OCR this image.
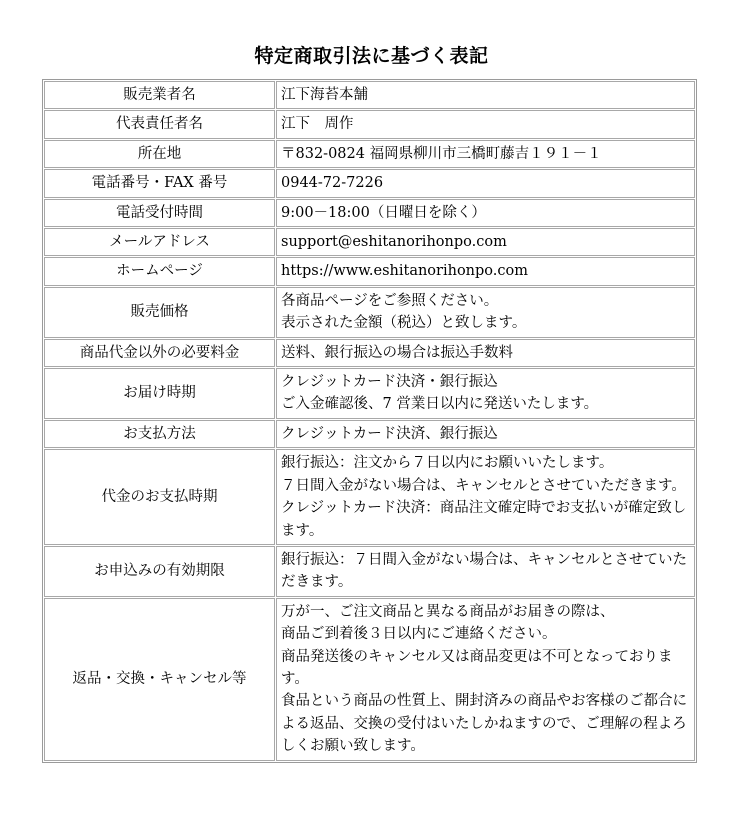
特定商取引法に基づく表記
販売業者名	江下海苔本舗

代表責任者名	江下　周作

所在地	〒832-0824 福岡県柳川市三橋町藤吉１９１－１

電話番号・FAX 番号	0944-72-7226

電話受付時間	9:00－18:00（日曜日を除く）

メールアドレス	support@eshitanorihonpo.com

ホームページ	https://www.eshitanorihonpo.com

販売価格	各商品ページをご参照ください。
表示された金額（税込）と致します。

商品代金以外の必要料金	送料、銀行振込の場合は振込手数料

お届け時期	クレジットカード決済・銀行振込
ご入金確認後、7 営業日以内に発送いたします。

お支払方法	クレジットカード決済、銀行振込

代金のお支払時期	銀行振込：注文から７日以内にお願いいたします。
７日間入金がない場合は、キャンセルとさせていただきます。
クレジットカード決済：商品注文確定時でお支払いが確定致します。

お申込みの有効期限	銀行振込：７日間入金がない場合は、キャンセルとさせていただきます。

返品・交換・キャンセル等	万が一、ご注文商品と異なる商品がお届きの際は、
商品ご到着後３日以内にご連絡ください。
商品発送後のキャンセル又は商品変更は不可となっております。
食品という商品の性質上、開封済みの商品やお客様のご都合による返品、交換の受付はいたしかねますので、ご理解の程よろしくお願い致します。
